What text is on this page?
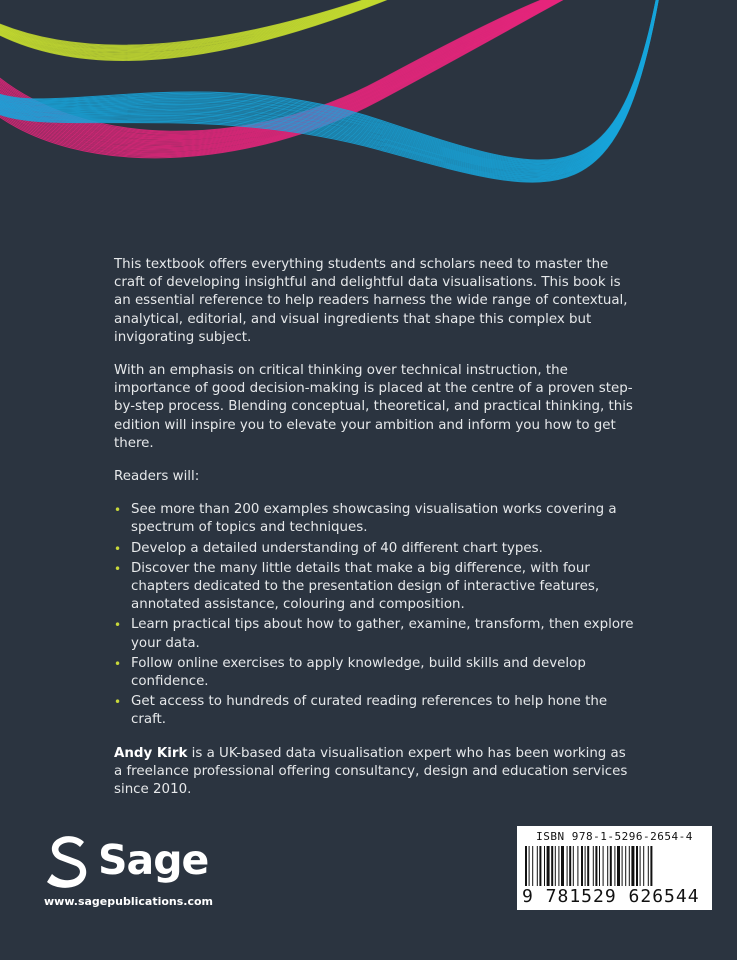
This textbook offers everything students and scholars need to master the craft of developing insightful and delightful data visualisations. This book is an essential reference to help readers harness the wide range of contextual, analytical, editorial, and visual ingredients that shape this complex but invigorating subject.

With an emphasis on critical thinking over technical instruction, the importance of good decision-making is placed at the centre of a proven step-by-step process. Blending conceptual, theoretical, and practical thinking, this edition will inspire you to elevate your ambition and inform you how to get there.

Readers will:

• See more than 200 examples showcasing visualisation works covering a spectrum of topics and techniques.
• Develop a detailed understanding of 40 different chart types.
• Discover the many little details that make a big difference, with four chapters dedicated to the presentation design of interactive features, annotated assistance, colouring and composition.
• Learn practical tips about how to gather, examine, transform, then explore your data.
• Follow online exercises to apply knowledge, build skills and develop confidence.
• Get access to hundreds of curated reading references to help hone the craft.

Andy Kirk is a UK-based data visualisation expert who has been working as a freelance professional offering consultancy, design and education services since 2010.

Sage
www.sagepublications.com
ISBN 978-1-5296-2654-4
9 781529 626544
